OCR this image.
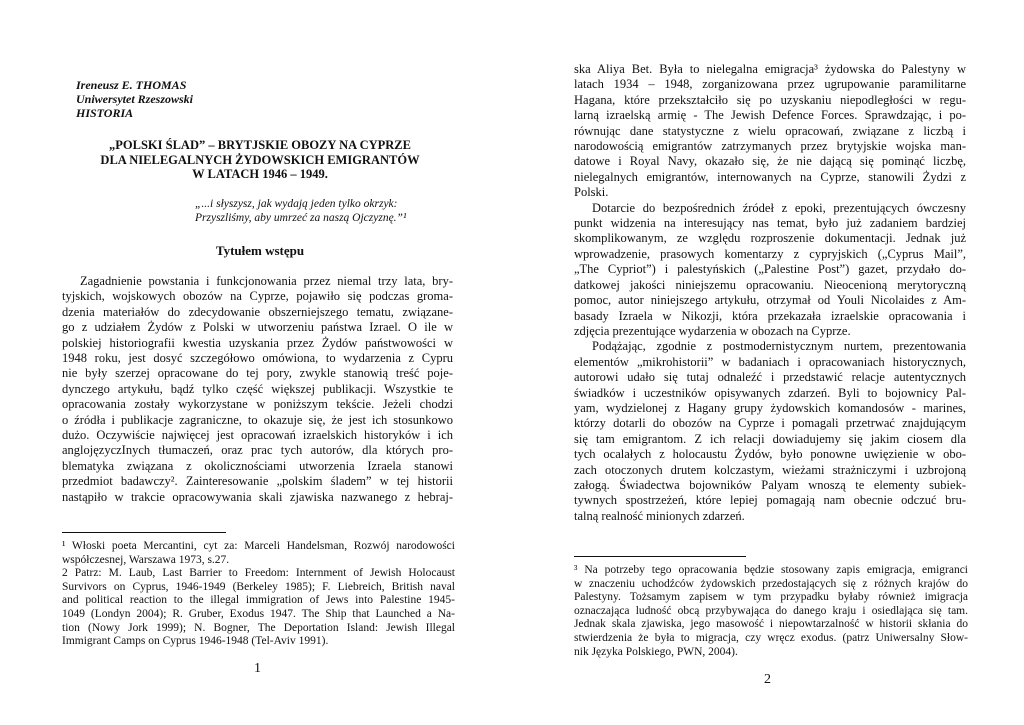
Ireneusz E. THOMAS
Uniwersytet Rzeszowski
HISTORIA
„POLSKI ŚLAD” – BRYTJSKIE OBOZY NA CYPRZE
DLA NIELEGALNYCH ŻYDOWSKICH EMIGRANTÓW
W LATACH 1946 – 1949.
„...i słyszysz, jak wydają jeden tylko okrzyk:
Przyszliśmy, aby umrzeć za naszą Ojczyznę.”¹
Tytułem wstępu
Zagadnienie powstania i funkcjonowania przez niemal trzy lata, bry-
tyjskich, wojskowych obozów na Cyprze, pojawiło się podczas groma-
dzenia materiałów do zdecydowanie obszerniejszego tematu, związane-
go z udziałem Żydów z Polski w utworzeniu państwa Izrael. O ile w
polskiej historiografii kwestia uzyskania przez Żydów państwowości w
1948 roku, jest dosyć szczegółowo omówiona, to wydarzenia z Cypru
nie były szerzej opracowane do tej pory, zwykle stanowią treść poje-
dynczego artykułu, bądź tylko część większej publikacji. Wszystkie te
opracowania zostały wykorzystane w poniższym tekście. Jeżeli chodzi
o źródła i publikacje zagraniczne, to okazuje się, że jest ich stosunkowo
dużo. Oczywiście najwięcej jest opracowań izraelskich historyków i ich
anglojęzyczInych tłumaczeń, oraz prac tych autorów, dla których pro-
blematyka związana z okolicznościami utworzenia Izraela stanowi
przedmiot badawczy². Zainteresowanie „polskim śladem” w tej historii
nastąpiło w trakcie opracowywania skali zjawiska nazwanego z hebraj-
¹ Włoski poeta Mercantini, cyt za: Marceli Handelsman, Rozwój narodowości
współczesnej, Warszawa 1973, s.27.
2 Patrz: M. Laub, Last Barrier to Freedom: Internment of Jewish Holocaust
Survivors on Cyprus, 1946-1949 (Berkeley 1985); F. Liebreich, British naval
and political reaction to the illegal immigration of Jews into Palestine 1945-
1049 (Londyn 2004); R. Gruber, Exodus 1947. The Ship that Launched a Na-
tion (Nowy Jork 1999); N. Bogner, The Deportation Island: Jewish Illegal
Immigrant Camps on Cyprus 1946-1948 (Tel-Aviv 1991).
1
ska Aliya Bet. Była to nielegalna emigracja³ żydowska do Palestyny w
latach 1934 – 1948, zorganizowana przez ugrupowanie paramilitarne
Hagana, które przekształciło się po uzyskaniu niepodległości w regu-
larną izraelską armię - The Jewish Defence Forces. Sprawdzając, i po-
równując dane statystyczne z wielu opracowań, związane z liczbą i
narodowością emigrantów zatrzymanych przez brytyjskie wojska man-
datowe i Royal Navy, okazało się, że nie dającą się pominąć liczbę,
nielegalnych emigrantów, internowanych na Cyprze, stanowili Żydzi z
Polski.
Dotarcie do bezpośrednich źródeł z epoki, prezentujących ówczesny
punkt widzenia na interesujący nas temat, było już zadaniem bardziej
skomplikowanym, ze względu rozproszenie dokumentacji. Jednak już
wprowadzenie, prasowych komentarzy z cypryjskich („Cyprus Mail”,
„The Cypriot”) i palestyńskich („Palestine Post”) gazet, przydało do-
datkowej jakości niniejszemu opracowaniu. Nieocenioną merytoryczną
pomoc, autor niniejszego artykułu, otrzymał od Youli Nicolaides z Am-
basady Izraela w Nikozji, która przekazała izraelskie opracowania i
zdjęcia prezentujące wydarzenia w obozach na Cyprze.
Podążając, zgodnie z postmodernistycznym nurtem, prezentowania
elementów „mikrohistorii” w badaniach i opracowaniach historycznych,
autorowi udało się tutaj odnaleźć i przedstawić relacje autentycznych
świadków i uczestników opisywanych zdarzeń. Byli to bojownicy Pal-
yam, wydzielonej z Hagany grupy żydowskich komandosów - marines,
którzy dotarli do obozów na Cyprze i pomagali przetrwać znajdującym
się tam emigrantom. Z ich relacji dowiadujemy się jakim ciosem dla
tych ocalałych z holocaustu Żydów, było ponowne uwięzienie w obo-
zach otoczonych drutem kolczastym, wieżami strażniczymi i uzbrojoną
załogą. Świadectwa bojowników Palyam wnoszą te elementy subiek-
tywnych spostrzeżeń, które lepiej pomagają nam obecnie odczuć bru-
talną realność minionych zdarzeń.
³ Na potrzeby tego opracowania będzie stosowany zapis emigracja, emigranci
w znaczeniu uchodźców żydowskich przedostających się z różnych krajów do
Palestyny. Tożsamym zapisem w tym przypadku byłaby również imigracja
oznaczająca ludność obcą przybywająca do danego kraju i osiedlająca się tam.
Jednak skala zjawiska, jego masowość i niepowtarzalność w historii skłania do
stwierdzenia że była to migracja, czy wręcz exodus. (patrz Uniwersalny Słow-
nik Języka Polskiego, PWN, 2004).
2
